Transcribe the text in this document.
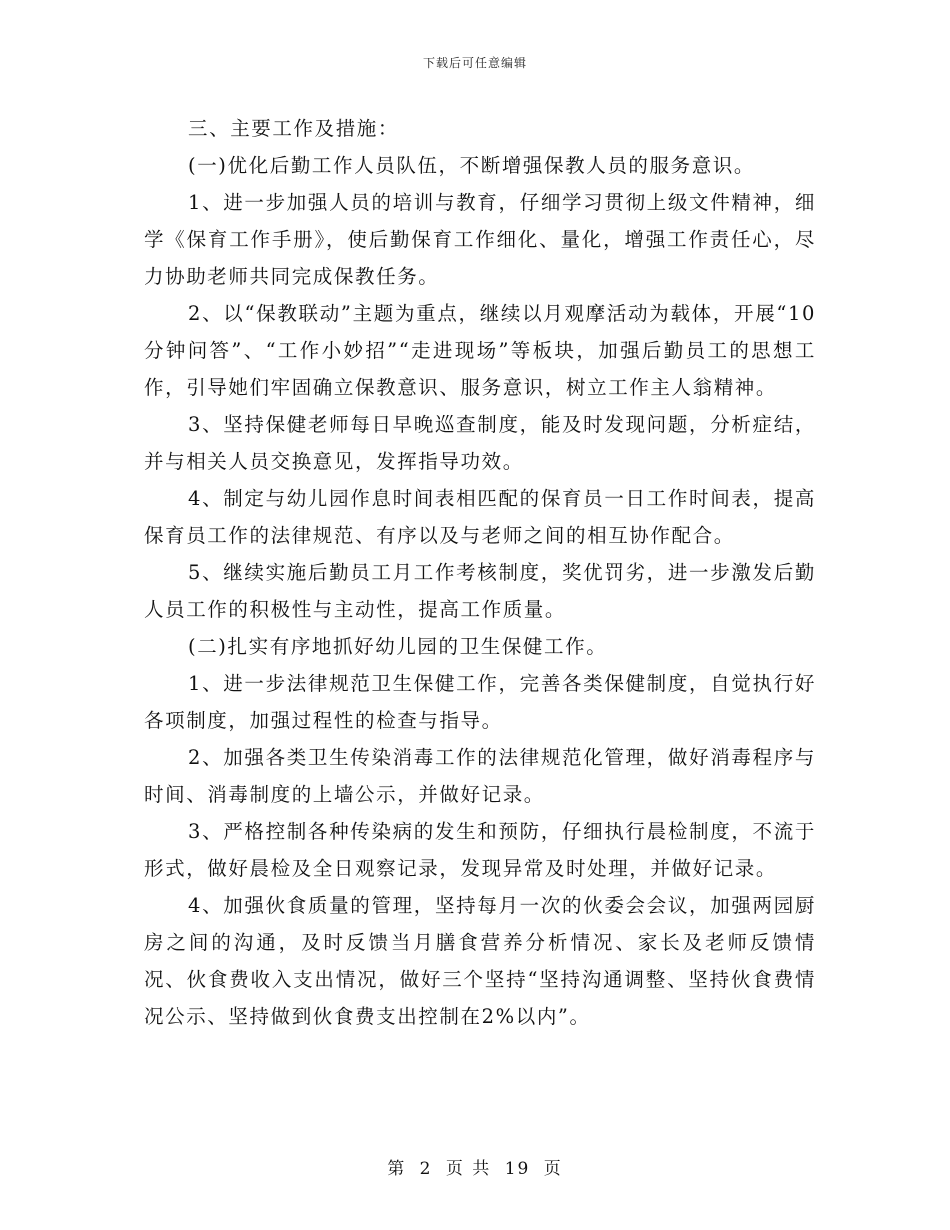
下载后可任意编辑

三、主要工作及措施：

(一)优化后勤工作人员队伍，不断增强保教人员的服务意识。

1、进一步加强人员的培训与教育，仔细学习贯彻上级文件精神，细学《保育工作手册》，使后勤保育工作细化、量化，增强工作责任心，尽力协助老师共同完成保教任务。

2、以“保教联动”主题为重点，继续以月观摩活动为载体，开展“10分钟问答”、“工作小妙招”“走进现场”等板块，加强后勤员工的思想工作，引导她们牢固确立保教意识、服务意识，树立工作主人翁精神。

3、坚持保健老师每日早晚巡查制度，能及时发现问题，分析症结，并与相关人员交换意见，发挥指导功效。

4、制定与幼儿园作息时间表相匹配的保育员一日工作时间表，提高保育员工作的法律规范、有序以及与老师之间的相互协作配合。

5、继续实施后勤员工月工作考核制度，奖优罚劣，进一步激发后勤人员工作的积极性与主动性，提高工作质量。

(二)扎实有序地抓好幼儿园的卫生保健工作。

1、进一步法律规范卫生保健工作，完善各类保健制度，自觉执行好各项制度，加强过程性的检查与指导。

2、加强各类卫生传染消毒工作的法律规范化管理，做好消毒程序与时间、消毒制度的上墙公示，并做好记录。

3、严格控制各种传染病的发生和预防，仔细执行晨检制度，不流于形式，做好晨检及全日观察记录，发现异常及时处理，并做好记录。

4、加强伙食质量的管理，坚持每月一次的伙委会会议，加强两园厨房之间的沟通，及时反馈当月膳食营养分析情况、家长及老师反馈情况、伙食费收入支出情况，做好三个坚持“坚持沟通调整、坚持伙食费情况公示、坚持做到伙食费支出控制在2%以内”。

第 2 页 共 19 页
